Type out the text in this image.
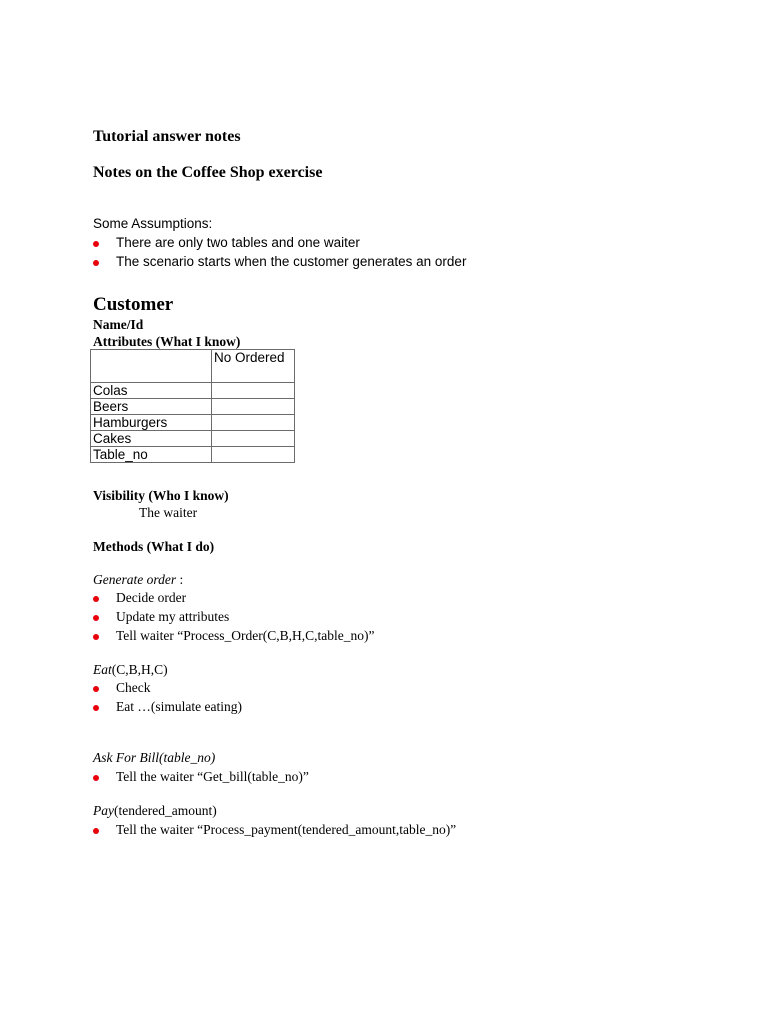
Tutorial answer notes
Notes on the Coffee Shop exercise
Some Assumptions:
There are only two tables and one waiter
The scenario starts when the customer generates an order
Customer
Name/Id
Attributes (What I know)
	No Ordered
Colas	
Beers	
Hamburgers	
Cakes	
Table_no	
Visibility (Who I know)
The waiter
Methods (What I do)
Generate order :
Decide order
Update my attributes
Tell waiter “Process_Order(C,B,H,C,table_no)”
Eat(C,B,H,C)
Check
Eat …(simulate eating)
Ask For Bill(table_no)
Tell the waiter “Get_bill(table_no)”
Pay(tendered_amount)
Tell the waiter “Process_payment(tendered_amount,table_no)”
